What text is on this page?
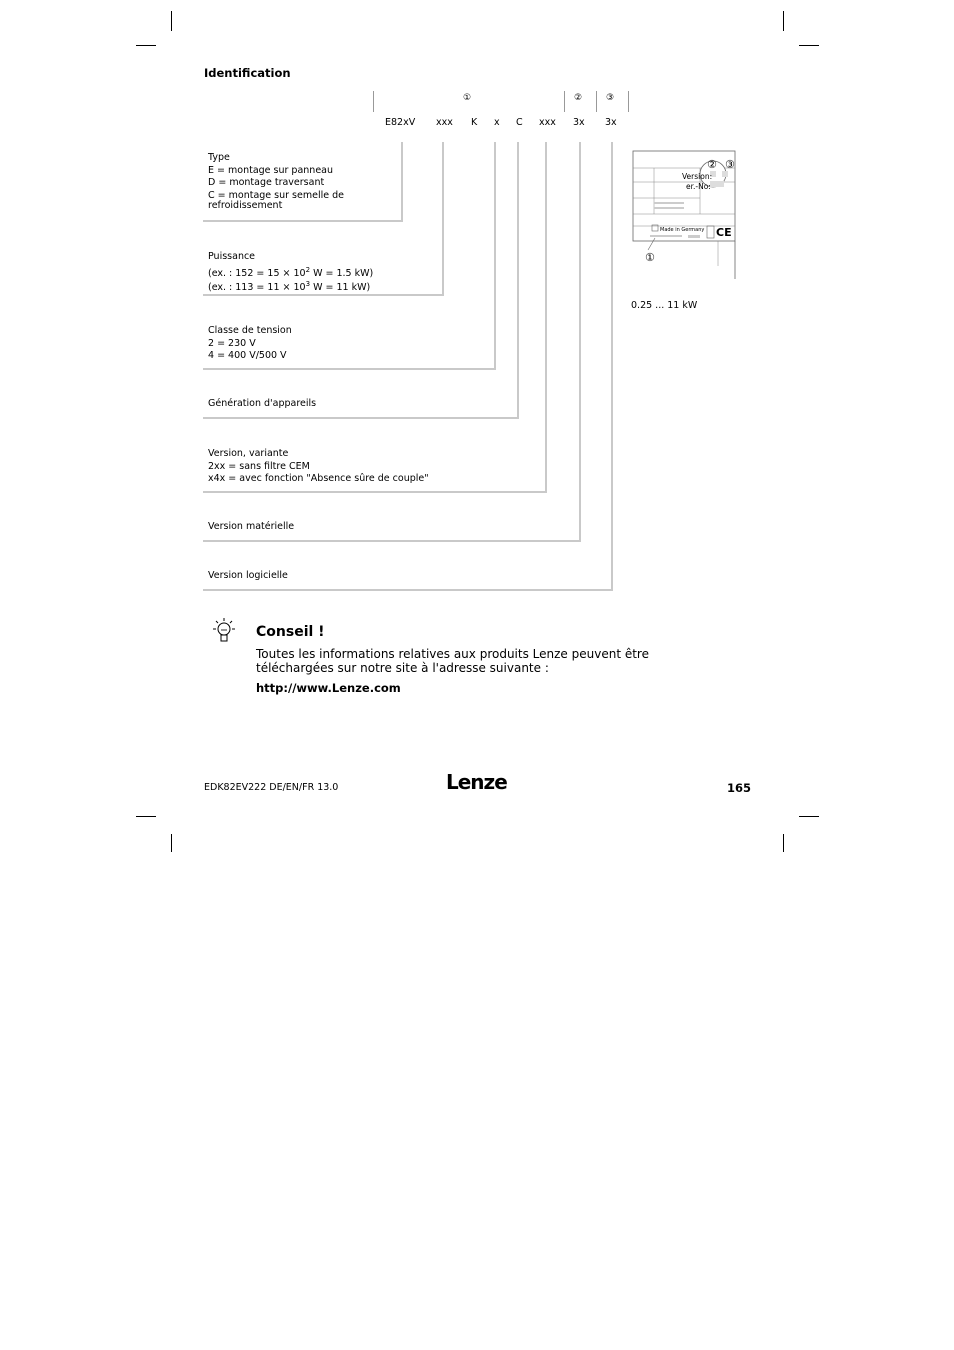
Identification
①	②	③
E82xV xxx K x C xxx 3x 3x
Type
E = montage sur panneau
D = montage traversant
C = montage sur semelle de
refroidissement
Puissance
(ex. : $152 = 15 \times 10^2$ W = 1.5 kW)
(ex. : $113 = 11 \times 10^3$ W = 11 kW)
Classe de tension
2 = 230 V
4 = 400 V/500 V
Génération d'appareils
Version, variante
2xx = sans filtre CEM
x4x = avec fonction "Absence sûre de couple"
Version matérielle
Version logicielle
Version:
er.-No:
Made in Germany CE
①
② ③
0.25 ... 11 kW
Conseil !
Toutes les informations relatives aux produits Lenze peuvent être téléchargées sur notre site à l'adresse suivante :
http://www.Lenze.com
EDK82EV222 DE/EN/FR 13.0	Lenze	165
